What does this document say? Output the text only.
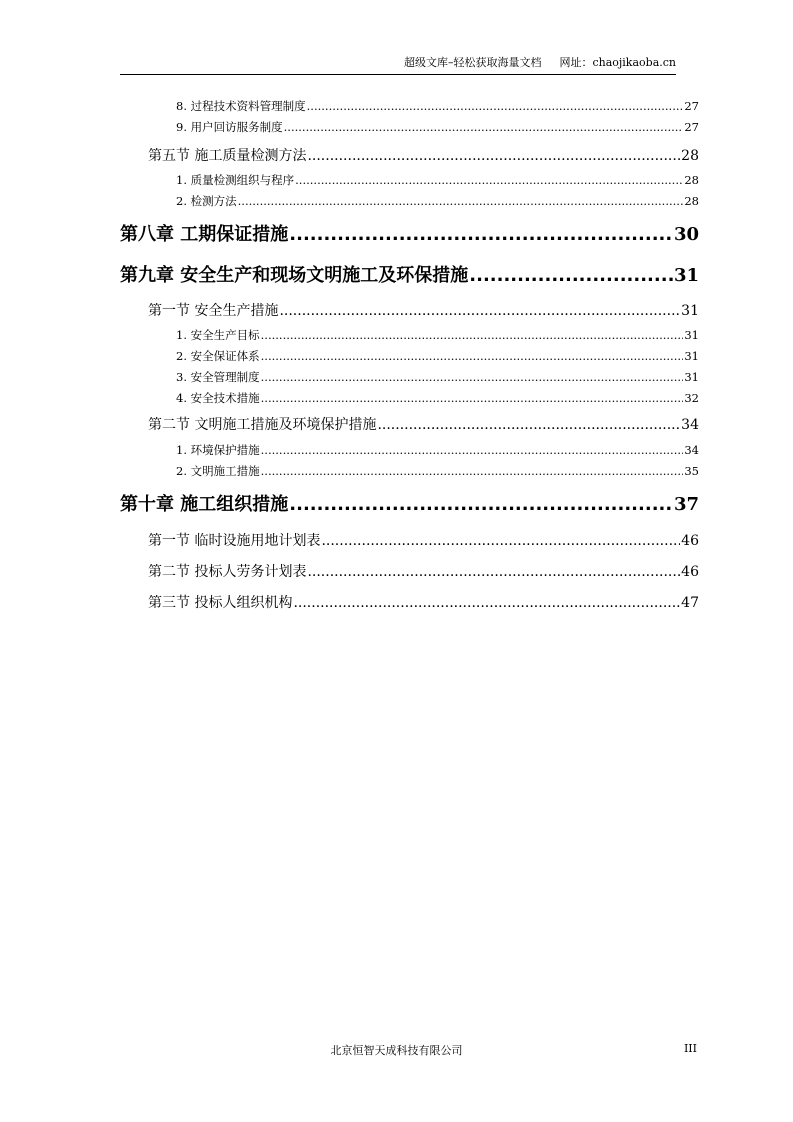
超级文库–轻松获取海量文档 网址：chaojikaoba.cn
8. 过程技术资料管理制度 .....	27
9. 用户回访服务制度 .....	27
第五节 施工质量检测方法 .....	28
1. 质量检测组织与程序 .....	28
2. 检测方法 .....	28
第八章 工期保证措施 .....	30
第九章 安全生产和现场文明施工及环保措施 .....	31
第一节 安全生产措施 .....	31
1. 安全生产目标 .....	31
2. 安全保证体系 .....	31
3. 安全管理制度 .....	31
4. 安全技术措施 .....	32
第二节 文明施工措施及环境保护措施 .....	34
1. 环境保护措施 .....	34
2. 文明施工措施 .....	35
第十章 施工组织措施 .....	37
第一节 临时设施用地计划表 .....	46
第二节 投标人劳务计划表 .....	46
第三节 投标人组织机构 .....	47
北京恒智天成科技有限公司	III
